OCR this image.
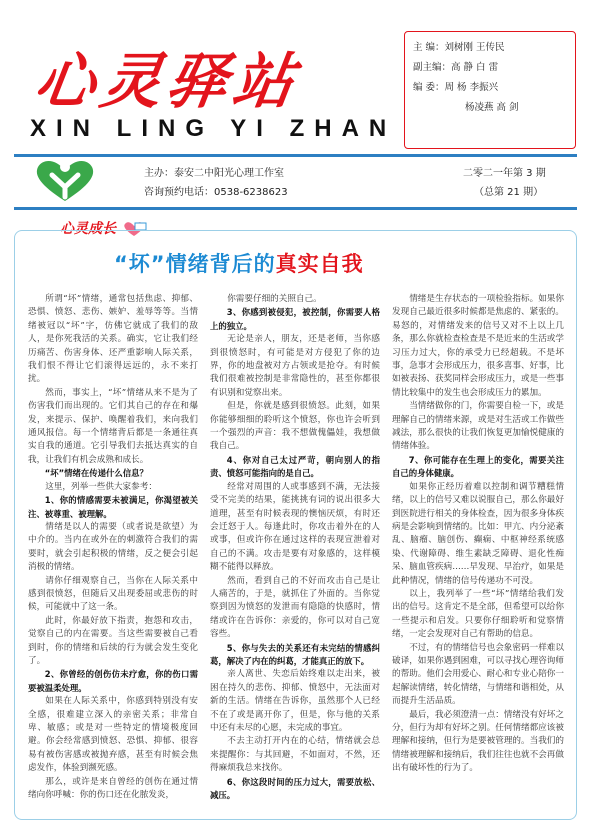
心灵驿站
XIN LING YI ZHAN
主 编：刘树刚 王传民
副主编：高 静 白 雷
编 委：周 杨 李振兴
杨凌燕 高 剑
主办：泰安二中阳光心理工作室
咨询预约电话：0538-6238623
二零二一年第 3 期
（总第 21 期）
心灵成长
“坏”情绪背后的真实自我

所谓“坏”情绪，通常包括焦虑、抑郁、恐惧、愤怒、悲伤、嫉妒、羞辱等等。当情绪被冠以“坏”字，仿佛它就成了我们的敌人，是你死我活的关系。确实，它让我们经历痛苦、伤害身体、还严重影响人际关系，我们恨不得让它们滚得远远的，永不来打扰。

然而，事实上，“坏”情绪从来不是为了伤害我们而出现的。它们其自己的存在和爆发，来提示、保护、唤醒着我们，来向我们通风报信。每一个情绪背后都是一条通往真实自我的通道。它引导我们去抵达真实的自我，让我们有机会成熟和成长。

“坏”情绪在传递什么信息？

这里，列举一些供大家参考：

1、你的情感需要未被满足，你渴望被关注、被尊重、被理解。

情绪是以人的需要（或者说是欲望）为中介的。当内在或外在的刺激符合我们的需要时，就会引起积极的情绪，反之便会引起消极的情绪。

请你仔细观察自己，当你在人际关系中感到很愤怒，但随后又出现委屈或悲伤的时候，可能就中了这一条。

此时，你最好放下指责，抱怨和攻击，觉察自己的内在需要。当这些需要被自己看到时，你的情绪和后续的行为就会发生变化了。

2、你曾经的创伤仿未疗愈，你的伤口需要被温柔处理。

如果在人际关系中，你感到特别没有安全感，很难建立深入的亲密关系；非常自卑、敏感；或是对一些特定的情境极度回避。你会经常感到愤怒、恐惧、抑郁、很容易有被伤害感或被抛弃感，甚至有时候会焦虑发作，体验到濒死感。

那么，或许是来自曾经的创伤在通过情绪向你呼喊：你的伤口还在化脓发炎，

你需要仔细的关照自己。

3、你感到被侵犯，被控制，你需要人格上的独立。

无论是亲人，朋友，还是老师，当你感到很愤怒时，有可能是对方侵犯了你的边界，你的地盘被对方占领或是抢夺。有时候我们很难被控制是非常隐性的，甚至你都很有识别和觉察出来。

但是，你就是感到很愤怒。此刻，如果你能够细细的聆听这个愤怒，你也许会听到一个强烈的声音：我不想做傀儡娃，我想做我自己。

4、你对自己太过严苛，朝向别人的指责、愤怒可能指向的是自己。

经常对周围的人或事感到不满，无法接受不完美的结果，能挑挑有词的说出很多大道理，甚至有时候表现的懊恼厌烦，有时还会迁怒于人。每逢此时，你攻击着外在的人或事，但或许你在通过这样的表现宣泄着对自己的不满。攻击是要有对象感的，这样模糊不能得以释放。

然而，看到自己的不好而攻击自己是让人痛苦的，于是，就抓住了外面的。当你觉察到因为愤怒的发泄而有隐隐的快感时，情绪或许在告诉你：亲爱的，你可以对自己宽容些。

5、你与失去的关系还有未完结的情感纠葛，解决了内在的纠葛，才能真正的放下。

亲人离世、失恋后始终难以走出来，被困在持久的悲伤、抑郁、愤怒中，无法面对新的生活。情绪在告诉你，虽然那个人已经不在了或是离开你了，但是，你与他的关系中还有未尽的心愿，未完成的事宜。

不去主动打开内在的心结，情绪就会总来提醒你：与其回避，不如面对，不然，还得麻烦我总来找你。

6、你这段时间的压力过大，需要放松、减压。

情绪是生存状态的一项检验指标。如果你发现自己最近很多时候都是焦虑的、紧张的。易怒的，对情绪发来的信号又对不上以上几条，那么你就检查检查是不是近来的生活或学习压力过大，你的承受力已经超载。不是坏事，急事才会形成压力，很多喜事、好事，比如被表扬、获奖同样会形成压力，或是一些事情比较集中的发生也会形成压力的累加。

当情绪做你的门，你需要自检一下，或是理解自己的情绪来源，或是对生活或工作做些减法，那么很快的让我们恢复更加愉悦健康的情绪体验。

7、你可能存在生理上的变化，需要关注自己的身体健康。

如果你正经历着难以控制和调节糟糕情绪，以上的信号又难以说服自己，那么你最好到医院进行相关的身体检查，因为很多身体疾病是会影响到情绪的。比如：甲亢、内分泌紊乱、脑瘤、脑创伤、癫痫、中枢神经系统感染、代谢障碍、维生素缺乏障碍、退化性痴呆、脑血管疾病……早发现、早治疗，如果是此种情况，情绪的信号传递功不可没。

以上，我列举了一些“坏”情绪给我们发出的信号。这肯定不是全部，但希望可以给你一些提示和启发。只要你仔细聆听和觉察情绪，一定会发现对自己有帮助的信息。

不过，有的情绪信号也会象密码一样难以破译，如果你遇到困难，可以寻找心理咨询师的帮助。他们会用爱心、耐心和专业心陪你一起解读情绪，转化情绪，与情绪和谐相处，从而提升生活品质。

最后，我必须澄清一点：情绪没有好坏之分，但行为却有好坏之别。任何情绪都应该被理解和接纳，但行为是要被管理的。当我们的情绪被理解和接纳后，我们往往也就不会再做出有破坏性的行为了。
